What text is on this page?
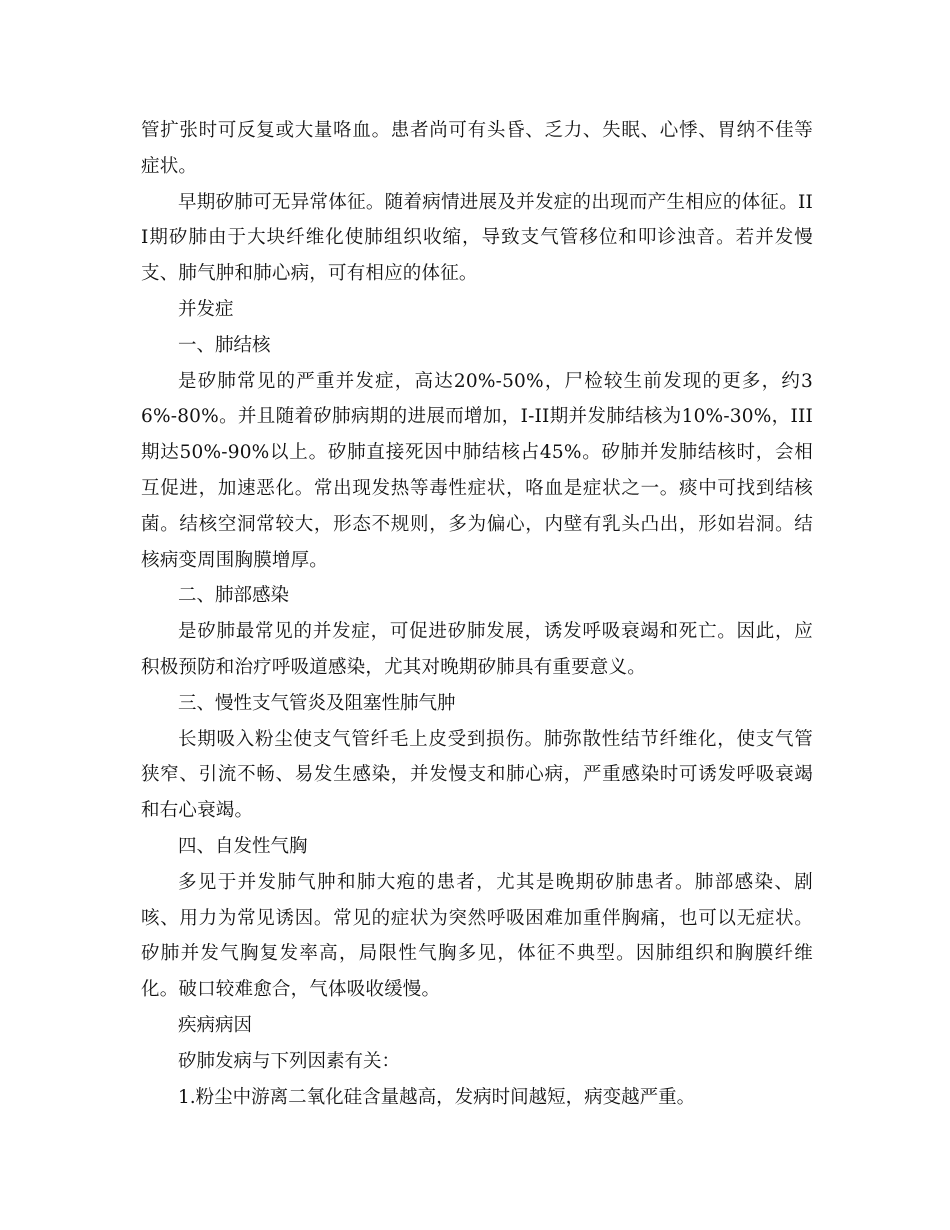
管扩张时可反复或大量咯血。患者尚可有头昏、乏力、失眠、心悸、胃纳不佳等症状。

早期矽肺可无异常体征。随着病情进展及并发症的出现而产生相应的体征。III期矽肺由于大块纤维化使肺组织收缩，导致支气管移位和叩诊浊音。若并发慢支、肺气肿和肺心病，可有相应的体征。

并发症

一、肺结核

是矽肺常见的严重并发症，高达20%-50%，尸检较生前发现的更多，约36%-80%。并且随着矽肺病期的进展而增加，I-II期并发肺结核为10%-30%，III期达50%-90%以上。矽肺直接死因中肺结核占45%。矽肺并发肺结核时，会相互促进，加速恶化。常出现发热等毒性症状，咯血是症状之一。痰中可找到结核菌。结核空洞常较大，形态不规则，多为偏心，内壁有乳头凸出，形如岩洞。结核病变周围胸膜增厚。

二、肺部感染

是矽肺最常见的并发症，可促进矽肺发展，诱发呼吸衰竭和死亡。因此，应积极预防和治疗呼吸道感染，尤其对晚期矽肺具有重要意义。

三、慢性支气管炎及阻塞性肺气肿

长期吸入粉尘使支气管纤毛上皮受到损伤。肺弥散性结节纤维化，使支气管狭窄、引流不畅、易发生感染，并发慢支和肺心病，严重感染时可诱发呼吸衰竭和右心衰竭。

四、自发性气胸

多见于并发肺气肿和肺大疱的患者，尤其是晚期矽肺患者。肺部感染、剧咳、用力为常见诱因。常见的症状为突然呼吸困难加重伴胸痛，也可以无症状。矽肺并发气胸复发率高，局限性气胸多见，体征不典型。因肺组织和胸膜纤维化。破口较难愈合，气体吸收缓慢。

疾病病因

矽肺发病与下列因素有关：

1.粉尘中游离二氧化硅含量越高，发病时间越短，病变越严重。
